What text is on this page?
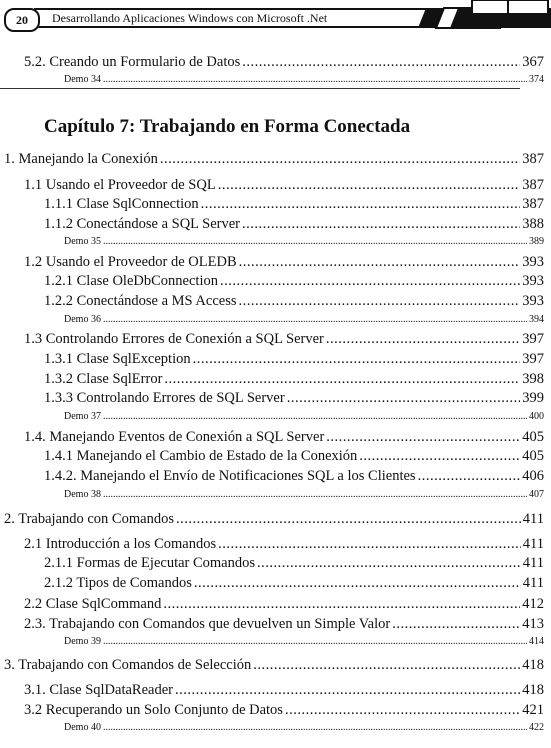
20	Desarrollando Aplicaciones Windows con Microsoft .Net
5.2. Creando un Formulario de Datos .....	367
Demo 34 .....	374
Capítulo 7: Trabajando en Forma Conectada
1. Manejando la Conexión .....	387
1.1 Usando el Proveedor de SQL .....	387
1.1.1 Clase SqlConnection .....	387
1.1.2 Conectándose a SQL Server .....	388
Demo 35 .....	389
1.2 Usando el Proveedor de OLEDB .....	393
1.2.1 Clase OleDbConnection .....	393
1.2.2 Conectándose a MS Access .....	393
Demo 36 .....	394
1.3 Controlando Errores de Conexión a SQL Server .....	397
1.3.1 Clase SqlException .....	397
1.3.2 Clase SqlError .....	398
1.3.3 Controlando Errores de SQL Server .....	399
Demo 37 .....	400
1.4. Manejando Eventos de Conexión a SQL Server .....	405
1.4.1 Manejando el Cambio de Estado de la Conexión .....	405
1.4.2. Manejando el Envío de Notificaciones SQL a los Clientes .....	406
Demo 38 .....	407
2. Trabajando con Comandos .....	411
2.1 Introducción a los Comandos .....	411
2.1.1 Formas de Ejecutar Comandos .....	411
2.1.2 Tipos de Comandos .....	411
2.2 Clase SqlCommand .....	412
2.3. Trabajando con Comandos que devuelven un Simple Valor .....	413
Demo 39 .....	414
3. Trabajando con Comandos de Selección .....	418
3.1. Clase SqlDataReader .....	418
3.2 Recuperando un Solo Conjunto de Datos .....	421
Demo 40 .....	422
